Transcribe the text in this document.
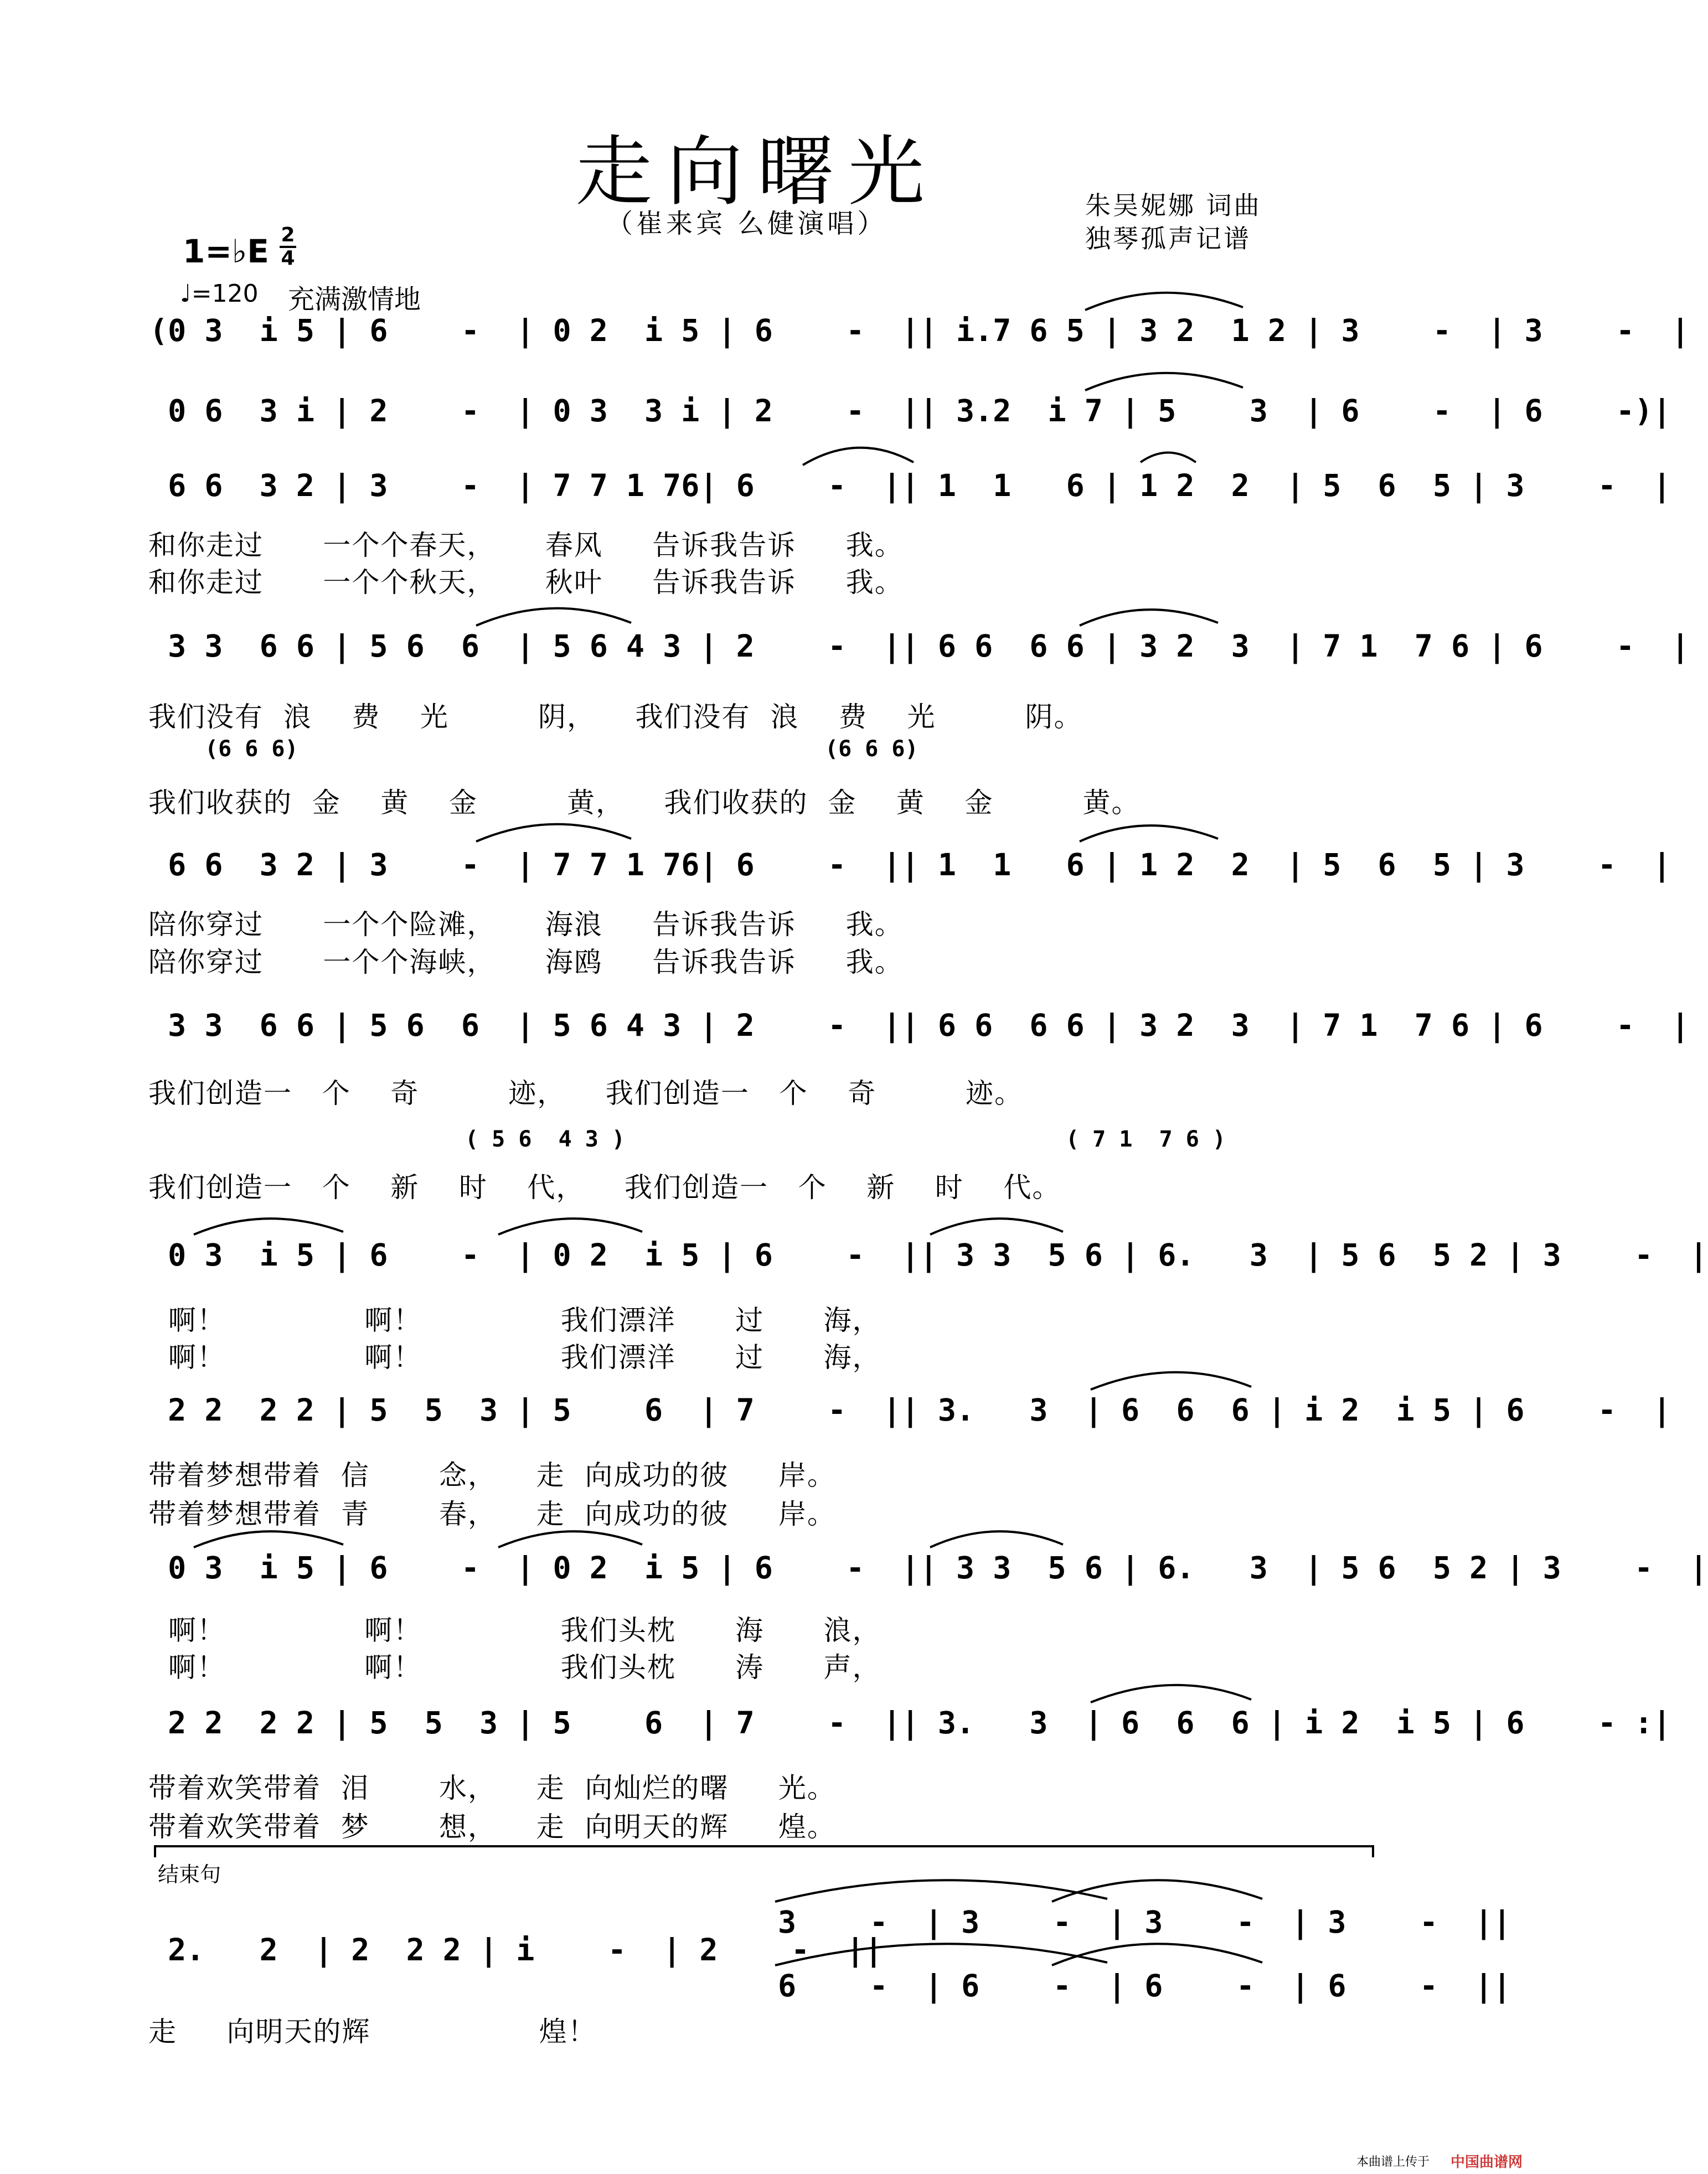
走向曙光
（崔来宾 么健演唱）
朱吴妮娜 词曲
独琴孤声记谱
1=♭E 2
4
♩=120 充满激情地
(0 3  i 5 | 6    -  | 0 2  i 5 | 6    -  || i.7 6 5 | 3 2  1 2 | 3    -  | 3    -  |
0 6  3 i | 2    -  | 0 3  3 i | 2    -  || 3.2  i 7 | 5    3  | 6    -  | 6    -)|
6 6  3 2 | 3    -  | 7 7 1 76| 6    -  || 1  1   6 | 1 2  2  | 5  6  5 | 3    -  |
和你走过      一个个春天，     春风     告诉我告诉     我。
和你走过      一个个秋天，     秋叶     告诉我告诉     我。
3 3  6 6 | 5 6  6  | 5 6 4 3 | 2    -  || 6 6  6 6 | 3 2  3  | 7 1  7 6 | 6    -  |
我们没有  浪    费    光         阴，    我们没有  浪    费    光         阴。
(6 6 6)	(6 6 6)
我们收获的  金    黄    金         黄，    我们收获的  金    黄    金         黄。
6 6  3 2 | 3    -  | 7 7 1 76| 6    -  || 1  1   6 | 1 2  2  | 5  6  5 | 3    -  |
陪你穿过      一个个险滩，     海浪     告诉我告诉     我。
陪你穿过      一个个海峡，     海鸥     告诉我告诉     我。
3 3  6 6 | 5 6  6  | 5 6 4 3 | 2    -  || 6 6  6 6 | 3 2  3  | 7 1  7 6 | 6    -  |
我们创造一   个    奇         迹，    我们创造一   个    奇         迹。
( 5 6  4 3 )	( 7 1  7 6 )
我们创造一   个    新    时    代，    我们创造一   个    新    时    代。
0 3  i 5 | 6    -  | 0 2  i 5 | 6    -  || 3 3  5 6 | 6.   3  | 5 6  5 2 | 3    -  |
啊！              啊！              我们漂洋      过      海，
啊！              啊！              我们漂洋      过      海，
2 2  2 2 | 5  5  3 | 5    6  | 7    -  || 3.   3  | 6  6  6 | i 2  i 5 | 6    -  |
带着梦想带着  信       念，    走  向成功的彼     岸。
带着梦想带着  青       春，    走  向成功的彼     岸。
0 3  i 5 | 6    -  | 0 2  i 5 | 6    -  || 3 3  5 6 | 6.   3  | 5 6  5 2 | 3    -  |
啊！              啊！              我们头枕      海      浪，
啊！              啊！              我们头枕      涛      声，
2 2  2 2 | 5  5  3 | 5    6  | 7    -  || 3.   3  | 6  6  6 | i 2  i 5 | 6    - :|
带着欢笑带着  泪       水，    走  向灿烂的曙     光。
带着欢笑带着  梦       想，    走  向明天的辉     煌。
结束句
2.   2  | 2  2 2 | i    -  | 2    -  ||
3    -  | 3    -  | 3    -  | 3    -  ||
6    -  | 6    -  | 6    -  | 6    -  ||
走     向明天的辉                 煌！
本曲谱上传于 中国曲谱网
